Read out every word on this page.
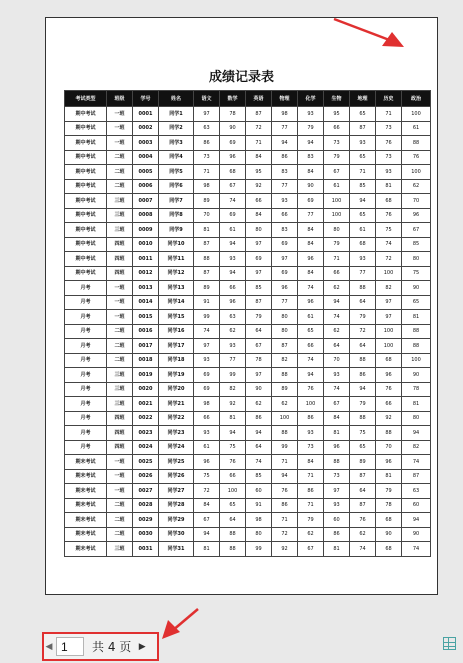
成绩记录表
考试类型	班级	学号	姓名	语文	数学	英语	物理	化学	生物	地理	历史	政治
期中考试	一班	0001	同学1	97	78	87	98	93	95	65	71	100
期中考试	一班	0002	同学2	63	90	72	77	79	66	87	73	61
期中考试	一班	0003	同学3	86	69	71	94	94	73	93	76	88
期中考试	二班	0004	同学4	73	96	84	86	83	79	65	73	76
期中考试	二班	0005	同学5	71	68	95	83	84	67	71	93	100
期中考试	二班	0006	同学6	98	67	92	77	90	61	85	81	62
期中考试	三班	0007	同学7	89	74	66	93	69	100	94	68	70
期中考试	三班	0008	同学8	70	69	84	66	77	100	65	76	96
期中考试	三班	0009	同学9	81	61	80	83	84	80	61	75	67
期中考试	四班	0010	同学10	87	94	97	69	84	79	68	74	85
期中考试	四班	0011	同学11	88	93	69	97	96	71	93	72	80
期中考试	四班	0012	同学12	87	94	97	69	84	66	77	100	75
月考	一班	0013	同学13	89	66	85	96	74	62	88	82	90
月考	一班	0014	同学14	91	96	87	77	96	94	64	97	65
月考	一班	0015	同学15	99	63	79	80	61	74	79	97	81
月考	二班	0016	同学16	74	62	64	80	65	62	72	100	88
月考	二班	0017	同学17	97	93	67	87	66	64	64	100	88
月考	二班	0018	同学18	93	77	78	82	74	70	88	68	100
月考	三班	0019	同学19	69	99	97	88	94	93	86	96	90
月考	三班	0020	同学20	69	82	90	89	76	74	94	76	78
月考	三班	0021	同学21	98	92	62	62	100	67	79	66	81
月考	四班	0022	同学22	66	81	86	100	86	84	88	92	80
月考	四班	0023	同学23	93	94	94	88	93	81	75	88	94
月考	四班	0024	同学24	61	75	64	99	73	96	65	70	82
期末考试	一班	0025	同学25	96	76	74	71	84	88	89	96	74
期末考试	一班	0026	同学26	75	66	85	94	71	73	87	81	87
期末考试	一班	0027	同学27	72	100	60	76	86	97	64	79	63
期末考试	二班	0028	同学28	84	65	91	86	71	93	87	78	60
期末考试	二班	0029	同学29	67	64	98	71	79	60	76	68	94
期末考试	二班	0030	同学30	94	88	80	72	62	86	62	90	90
期末考试	三班	0031	同学31	81	88	99	92	67	81	74	68	74
◀
1	共 4 页 ▶
